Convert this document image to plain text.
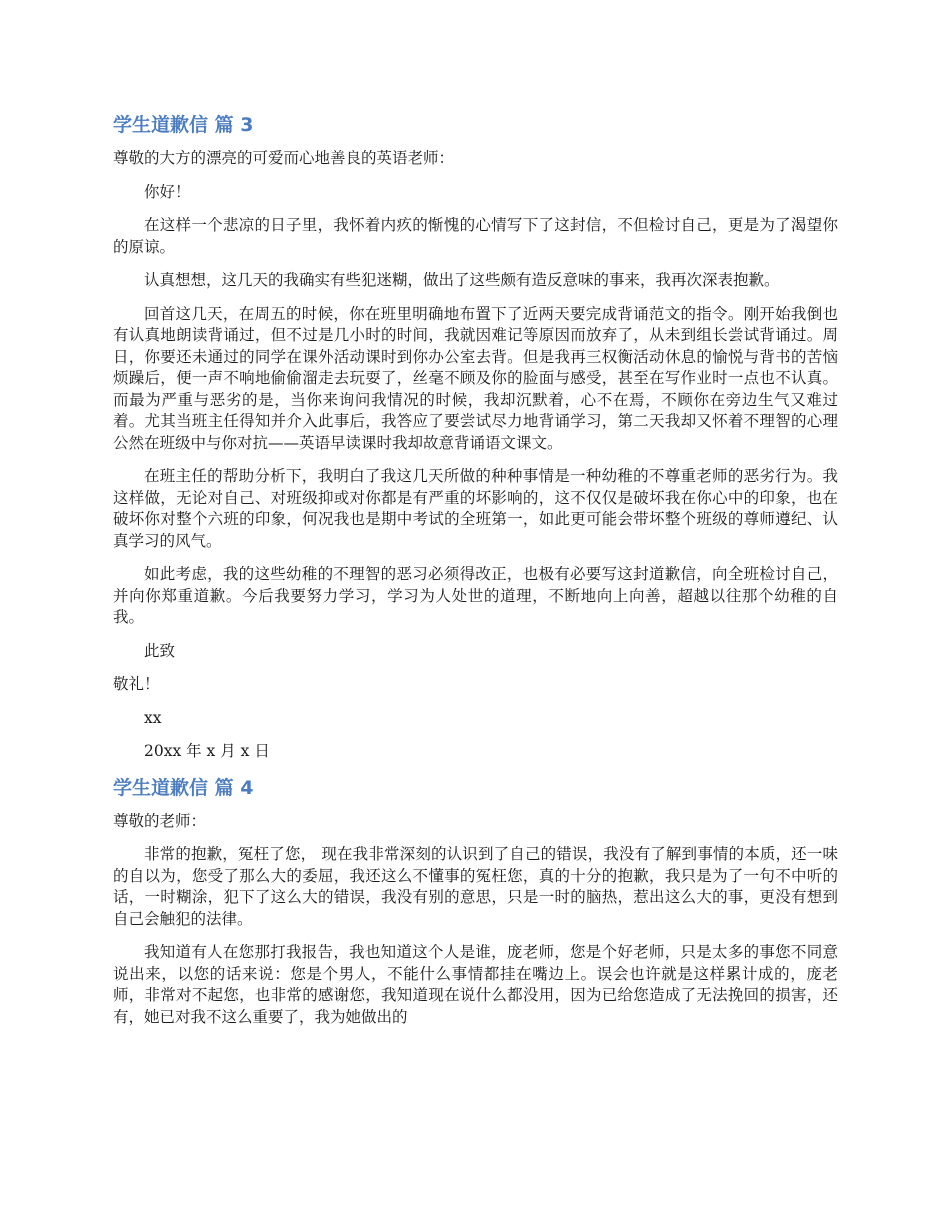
学生道歉信 篇 3
尊敬的大方的漂亮的可爱而心地善良的英语老师：
你好！
在这样一个悲凉的日子里，我怀着内疚的惭愧的心情写下了这封信，不但检讨自己，更是为了渴望你的原谅。
认真想想，这几天的我确实有些犯迷糊，做出了这些颇有造反意味的事来，我再次深表抱歉。
回首这几天，在周五的时候，你在班里明确地布置下了近两天要完成背诵范文的指令。刚开始我倒也有认真地朗读背诵过，但不过是几小时的时间，我就因难记等原因而放弃了，从未到组长尝试背诵过。周日，你要还未通过的同学在课外活动课时到你办公室去背。但是我再三权衡活动休息的愉悦与背书的苦恼烦躁后，便一声不响地偷偷溜走去玩耍了，丝毫不顾及你的脸面与感受，甚至在写作业时一点也不认真。而最为严重与恶劣的是，当你来询问我情况的时候，我却沉默着，心不在焉，不顾你在旁边生气又难过着。尤其当班主任得知并介入此事后，我答应了要尝试尽力地背诵学习，第二天我却又怀着不理智的心理公然在班级中与你对抗——英语早读课时我却故意背诵语文课文。
在班主任的帮助分析下，我明白了我这几天所做的种种事情是一种幼稚的不尊重老师的恶劣行为。我这样做，无论对自己、对班级抑或对你都是有严重的坏影响的，这不仅仅是破坏我在你心中的印象，也在破坏你对整个六班的印象，何况我也是期中考试的全班第一，如此更可能会带坏整个班级的尊师遵纪、认真学习的风气。
如此考虑，我的这些幼稚的不理智的恶习必须得改正，也极有必要写这封道歉信，向全班检讨自己，并向你郑重道歉。今后我要努力学习，学习为人处世的道理，不断地向上向善，超越以往那个幼稚的自我。
此致
敬礼！
xx
20xx 年 x 月 x 日
学生道歉信 篇 4
尊敬的老师：
非常的抱歉，冤枉了您， 现在我非常深刻的认识到了自己的错误，我没有了解到事情的本质，还一味的自以为，您受了那么大的委屈，我还这么不懂事的冤枉您，真的十分的抱歉，我只是为了一句不中听的话，一时糊涂，犯下了这么大的错误，我没有别的意思，只是一时的脑热，惹出这么大的事，更没有想到自己会触犯的法律。
我知道有人在您那打我报告，我也知道这个人是谁，庞老师，您是个好老师，只是太多的事您不同意说出来，以您的话来说：您是个男人，不能什么事情都挂在嘴边上。误会也许就是这样累计成的，庞老师，非常对不起您，也非常的感谢您，我知道现在说什么都没用，因为已给您造成了无法挽回的损害，还有，她已对我不这么重要了，我为她做出的
